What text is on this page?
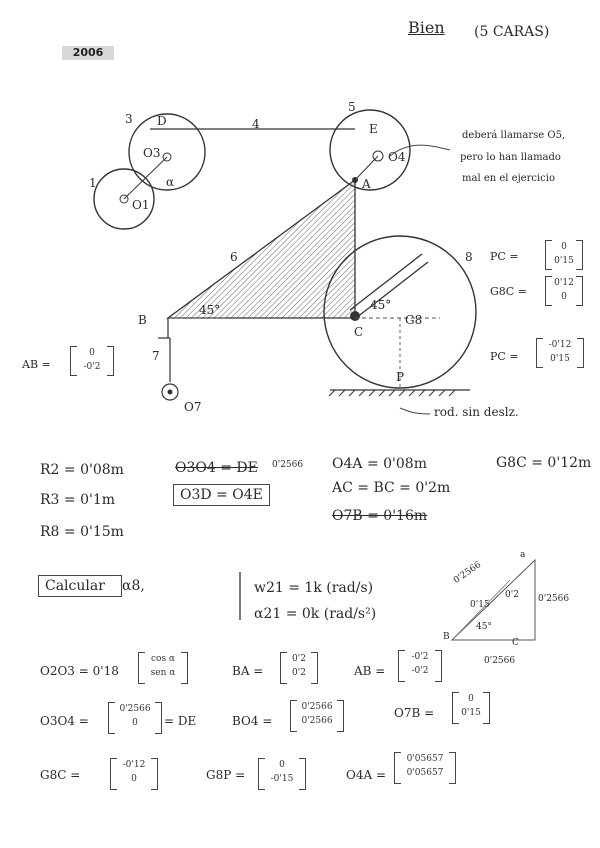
2006
Bien (5 CARAS)
3 D
O3
1
O1
α
4
5
E
O4
A
6
B
45°
8
45°
G8
C
7
P
O7	rod. sin deslz.
deberá llamarse O5,
pero lo han llamado
mal en el ejercicio
PC =
0
0'15
G8C =
0'12
0
PC =
-0'12
0'15
AB =
0
-0'2
R2 = 0'08m
R3 = 0'1m
R8 = 0'15m
O3O4 = DE 0'2566
O3D = O4E
O4A = 0'08m
AC = BC = 0'2m
O7B = 0'16m
G8C = 0'12m
Calcular	α8,	w21 = 1k (rad/s)
α21 = 0k (rad/s²)
0'2566
0'2566
0'2
0'15
0'2566
a
B
C
45°
O2O3 = 0'18
cos α
sen α	BA =
0'2
0'2	AB =
-0'2
-0'2
O3O4 =
0'2566
0	= DE	BO4 =
0'2566
0'2566
O7B =
0
0'15
G8C =
-0'12
0	G8P =
0
-0'15	O4A =
0'05657
0'05657
